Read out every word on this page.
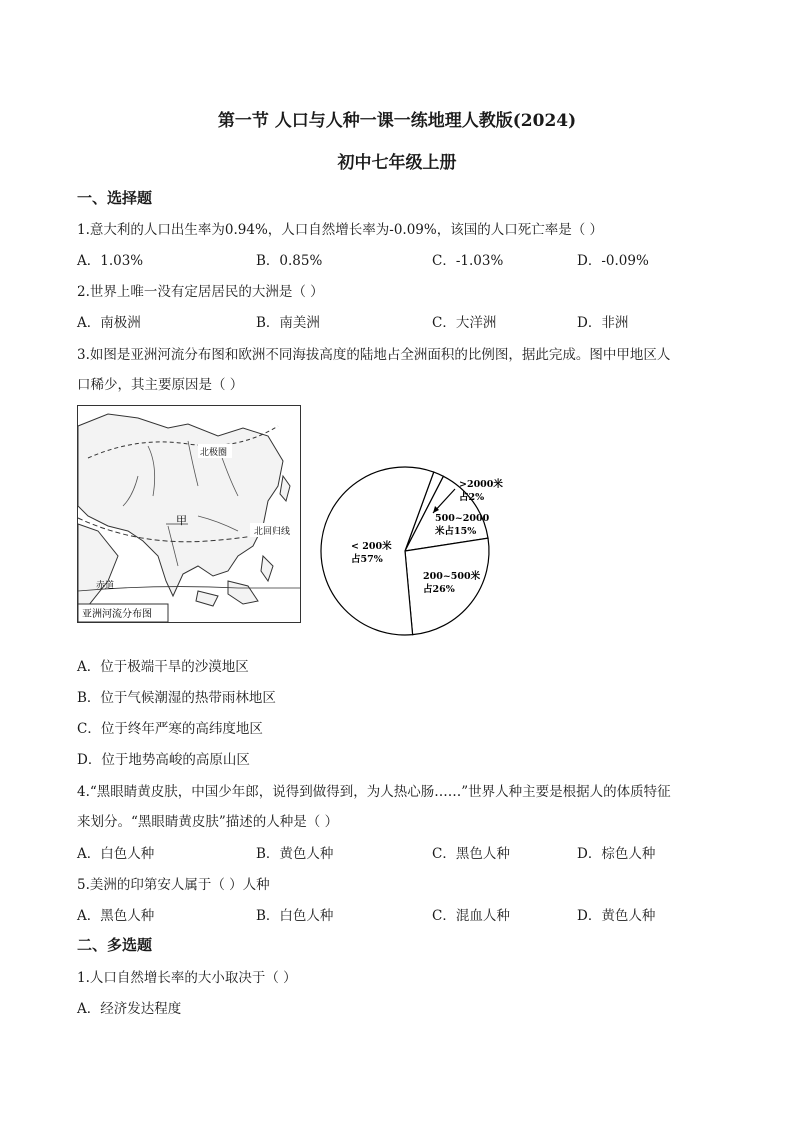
第一节 人口与人种一课一练地理人教版(2024)
初中七年级上册
一、选择题
1.意大利的人口出生率为0.94%，人口自然增长率为-0.09%，该国的人口死亡率是（ ）
A．1.03%	B．0.85%	C．-1.03%	D．-0.09%
2.世界上唯一没有定居居民的大洲是（ ）
A．南极洲	B．南美洲	C．大洋洲	D．非洲
3.如图是亚洲河流分布图和欧洲不同海拔高度的陆地占全洲面积的比例图，据此完成。图中甲地区人
口稀少，其主要原因是（ ）
甲
北极圈
北回归线
赤道
亚洲河流分布图
>2000米
占2%
500~2000
米占15%
200~500米
占26%
< 200米
占57%
A．位于极端干旱的沙漠地区
B．位于气候潮湿的热带雨林地区
C．位于终年严寒的高纬度地区
D．位于地势高峻的高原山区
4.“黑眼睛黄皮肤，中国少年郎，说得到做得到，为人热心肠……”世界人种主要是根据人的体质特征
来划分。“黑眼睛黄皮肤”描述的人种是（ ）
A．白色人种	B．黄色人种	C．黑色人种	D．棕色人种
5.美洲的印第安人属于（ ）人种
A．黑色人种	B．白色人种	C．混血人种	D．黄色人种
二、多选题
1.人口自然增长率的大小取决于（ ）
A．经济发达程度
